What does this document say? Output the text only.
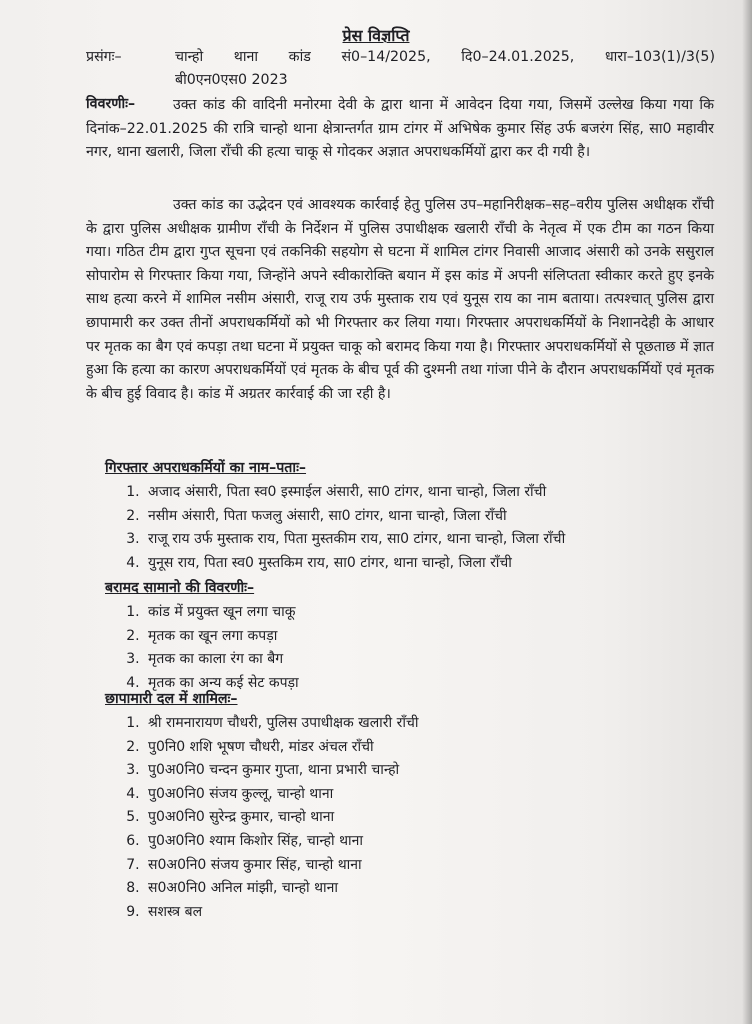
प्रेस विज्ञप्ति
प्रसंगः–	चान्हो थाना कांड सं0–14/2025, दि0–24.01.2025, धारा–103(1)/3(5)
बी0एन0एस0 2023
विवरणीः–	उक्त कांड की वादिनी मनोरमा देवी के द्वारा थाना में आवेदन दिया गया, जिसमें उल्लेख किया गया कि दिनांक–22.01.2025 की रात्रि चान्हो थाना क्षेत्रान्तर्गत ग्राम टांगर में अभिषेक कुमार सिंह उर्फ बजरंग सिंह, सा0 महावीर नगर, थाना खलारी, जिला राँची की हत्या चाकू से गोदकर अज्ञात अपराधकर्मियों द्वारा कर दी गयी है।
उक्त कांड का उद्भेदन एवं आवश्यक कार्रवाई हेतु पुलिस उप–महानिरीक्षक–सह–वरीय पुलिस अधीक्षक राँची के द्वारा पुलिस अधीक्षक ग्रामीण राँची के निर्देशन में पुलिस उपाधीक्षक खलारी राँची के नेतृत्व में एक टीम का गठन किया गया। गठित टीम द्वारा गुप्त सूचना एवं तकनिकी सहयोग से घटना में शामिल टांगर निवासी आजाद अंसारी को उनके ससुराल सोपारोम से गिरफ्तार किया गया, जिन्होंने अपने स्वीकारोक्ति बयान में इस कांड में अपनी संलिप्तता स्वीकार करते हुए इनके साथ हत्या करने में शामिल नसीम अंसारी, राजू राय उर्फ मुस्ताक राय एवं युनूस राय का नाम बताया। तत्पश्चात् पुलिस द्वारा छापामारी कर उक्त तीनों अपराधकर्मियों को भी गिरफ्तार कर लिया गया। गिरफ्तार अपराधकर्मियों के निशानदेही के आधार पर मृतक का बैग एवं कपड़ा तथा घटना में प्रयुक्त चाकू को बरामद किया गया है। गिरफ्तार अपराधकर्मियों से पूछताछ में ज्ञात हुआ कि हत्या का कारण अपराधकर्मियों एवं मृतक के बीच पूर्व की दुश्मनी तथा गांजा पीने के दौरान अपराधकर्मियों एवं मृतक के बीच हुई विवाद है। कांड में अग्रतर कार्रवाई की जा रही है।
गिरफ्तार अपराधकर्मियों का नाम–पताः–
1. अजाद अंसारी, पिता स्व0 इस्माईल अंसारी, सा0 टांगर, थाना चान्हो, जिला राँची
2. नसीम अंसारी, पिता फजलु अंसारी, सा0 टांगर, थाना चान्हो, जिला राँची
3. राजू राय उर्फ मुस्ताक राय, पिता मुस्तकीम राय, सा0 टांगर, थाना चान्हो, जिला राँची
4. युनूस राय, पिता स्व0 मुस्तकिम राय, सा0 टांगर, थाना चान्हो, जिला राँची
बरामद सामानो की विवरणीः–
1. कांड में प्रयुक्त खून लगा चाकू
2. मृतक का खून लगा कपड़ा
3. मृतक का काला रंग का बैग
4. मृतक का अन्य कई सेट कपड़ा
छापामारी दल में शामिलः–
1. श्री रामनारायण चौधरी, पुलिस उपाधीक्षक खलारी राँची
2. पु0नि0 शशि भूषण चौधरी, मांडर अंचल राँची
3. पु0अ0नि0 चन्दन कुमार गुप्ता, थाना प्रभारी चान्हो
4. पु0अ0नि0 संजय कुल्लू, चान्हो थाना
5. पु0अ0नि0 सुरेन्द्र कुमार, चान्हो थाना
6. पु0अ0नि0 श्याम किशोर सिंह, चान्हो थाना
7. स0अ0नि0 संजय कुमार सिंह, चान्हो थाना
8. स0अ0नि0 अनिल मांझी, चान्हो थाना
9. सशस्त्र बल
